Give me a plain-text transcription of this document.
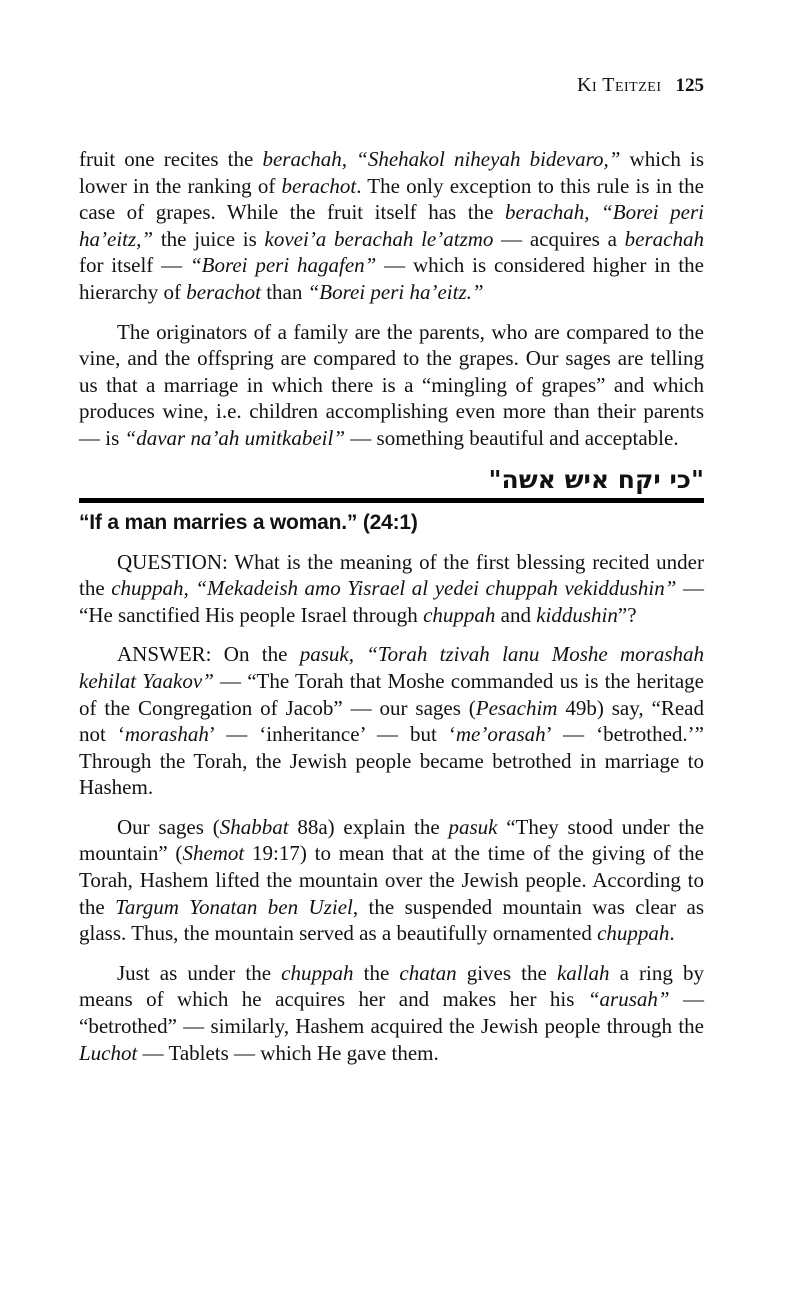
Ki Teitzei 125

fruit one recites the berachah, “Shehakol niheyah bidevaro,” which is lower in the ranking of berachot. The only exception to this rule is in the case of grapes. While the fruit itself has the berachah, “Borei peri ha’eitz,” the juice is kovei’a berachah le’atzmo — acquires a berachah for itself — “Borei peri hagafen” — which is considered higher in the hierarchy of berachot than “Borei peri ha’eitz.”

The originators of a family are the parents, who are compared to the vine, and the offspring are compared to the grapes. Our sages are telling us that a marriage in which there is a “mingling of grapes” and which produces wine, i.e. children accomplishing even more than their parents— is “davar na’ah umitkabeil” — something beautiful and acceptable.

"כי יקח איש אשה"
“If a man marries a woman.” (24:1)

QUESTION: What is the meaning of the first blessing recited under the chuppah, “Mekadeish amo Yisrael al yedei chuppah vekiddushin” — “He sanctified His people Israel through chuppah and kiddushin”?

ANSWER: On the pasuk, “Torah tzivah lanu Moshe morashah kehilat Yaakov” — “The Torah that Moshe commanded us is the heritage of the Congregation of Jacob” — our sages (Pesachim 49b) say, “Read not ‘morashah’ — ‘inheritance’ — but ‘me’orasah’ — ‘betrothed.’” Through the Torah, the Jewish people became betrothed in marriage to Hashem.

Our sages (Shabbat 88a) explain the pasuk “They stood under the mountain” (Shemot 19:17) to mean that at the time of the giving of the Torah, Hashem lifted the mountain over the Jewish people. According to the Targum Yonatan ben Uziel, the suspended mountain was clear as glass. Thus, the mountain served as a beautifully ornamented chuppah.

Just as under the chuppah the chatan gives the kallah a ring by means of which he acquires her and makes her his “arusah” — “betrothed” — similarly, Hashem acquired the Jewish people through the Luchot — Tablets — which He gave them.
